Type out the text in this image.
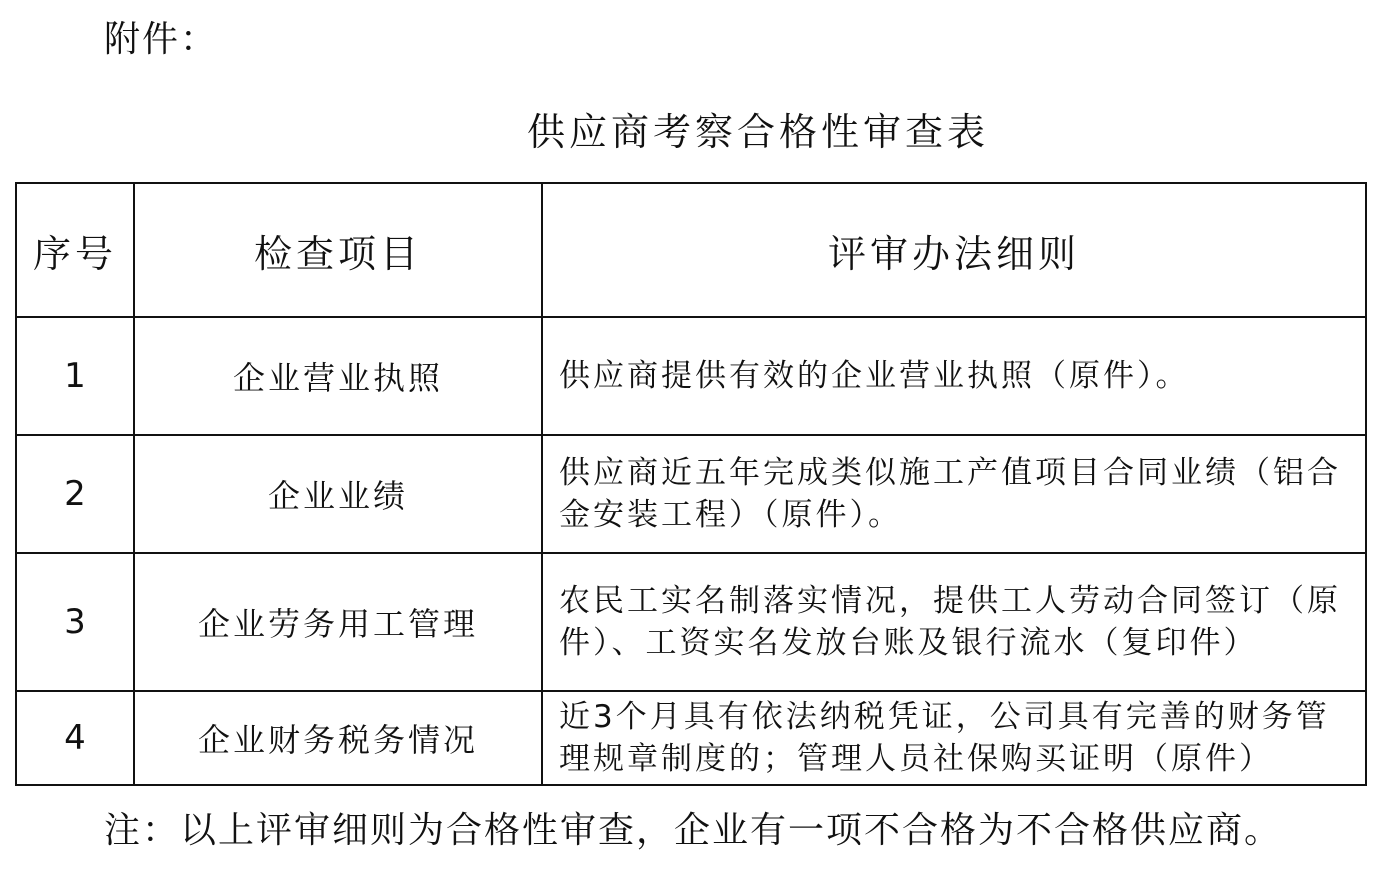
附件：
供应商考察合格性审查表
序号	检查项目	评审办法细则
1	企业营业执照	供应商提供有效的企业营业执照（原件）。
2	企业业绩	供应商近五年完成类似施工产值项目合同业绩（铝合金安装工程）（原件）。
3	企业劳务用工管理	农民工实名制落实情况，提供工人劳动合同签订（原件）、工资实名发放台账及银行流水（复印件）
4	企业财务税务情况	近3个月具有依法纳税凭证，公司具有完善的财务管理规章制度的；管理人员社保购买证明（原件）
注：以上评审细则为合格性审查，企业有一项不合格为不合格供应商。
